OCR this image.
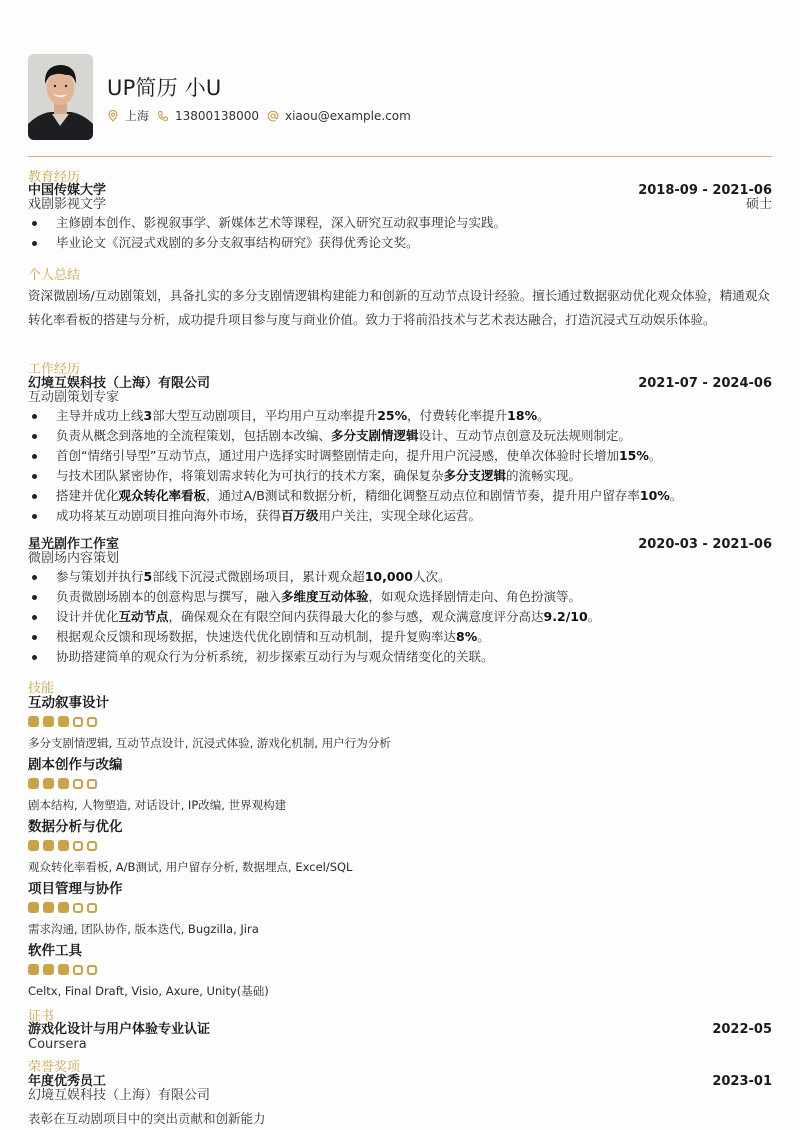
UP简历 小U
上海 13800138000 xiaou@example.com
教育经历
中国传媒大学
戏剧影视文学
2018-09 - 2021-06
硕士
主修剧本创作、影视叙事学、新媒体艺术等课程，深入研究互动叙事理论与实践。
毕业论文《沉浸式戏剧的多分支叙事结构研究》获得优秀论文奖。
个人总结
资深微剧场/互动剧策划，具备扎实的多分支剧情逻辑构建能力和创新的互动节点设计经验。擅长通过数据驱动优化观众体验，精通观众转化率看板的搭建与分析，成功提升项目参与度与商业价值。致力于将前沿技术与艺术表达融合，打造沉浸式互动娱乐体验。
工作经历
幻境互娱科技（上海）有限公司
互动剧策划专家
2021-07 - 2024-06
主导并成功上线3部大型互动剧项目，平均用户互动率提升25%，付费转化率提升18%。
负责从概念到落地的全流程策划，包括剧本改编、多分支剧情逻辑设计、互动节点创意及玩法规则制定。
首创“情绪引导型”互动节点，通过用户选择实时调整剧情走向，提升用户沉浸感，使单次体验时长增加15%。
与技术团队紧密协作，将策划需求转化为可执行的技术方案，确保复杂多分支逻辑的流畅实现。
搭建并优化观众转化率看板，通过A/B测试和数据分析，精细化调整互动点位和剧情节奏，提升用户留存率10%。
成功将某互动剧项目推向海外市场，获得百万级用户关注，实现全球化运营。
星光剧作工作室
微剧场内容策划
2020-03 - 2021-06
参与策划并执行5部线下沉浸式微剧场项目，累计观众超10,000人次。
负责微剧场剧本的创意构思与撰写，融入多维度互动体验，如观众选择剧情走向、角色扮演等。
设计并优化互动节点，确保观众在有限空间内获得最大化的参与感，观众满意度评分高达9.2/10。
根据观众反馈和现场数据，快速迭代优化剧情和互动机制，提升复购率达8%。
协助搭建简单的观众行为分析系统，初步探索互动行为与观众情绪变化的关联。
技能
互动叙事设计
多分支剧情逻辑, 互动节点设计, 沉浸式体验, 游戏化机制, 用户行为分析
剧本创作与改编
剧本结构, 人物塑造, 对话设计, IP改编, 世界观构建
数据分析与优化
观众转化率看板, A/B测试, 用户留存分析, 数据埋点, Excel/SQL
项目管理与协作
需求沟通, 团队协作, 版本迭代, Bugzilla, Jira
软件工具
Celtx, Final Draft, Visio, Axure, Unity(基础)
证书
游戏化设计与用户体验专业认证
Coursera
2022-05
荣誉奖项
年度优秀员工
幻境互娱科技（上海）有限公司
2023-01
表彰在互动剧项目中的突出贡献和创新能力
